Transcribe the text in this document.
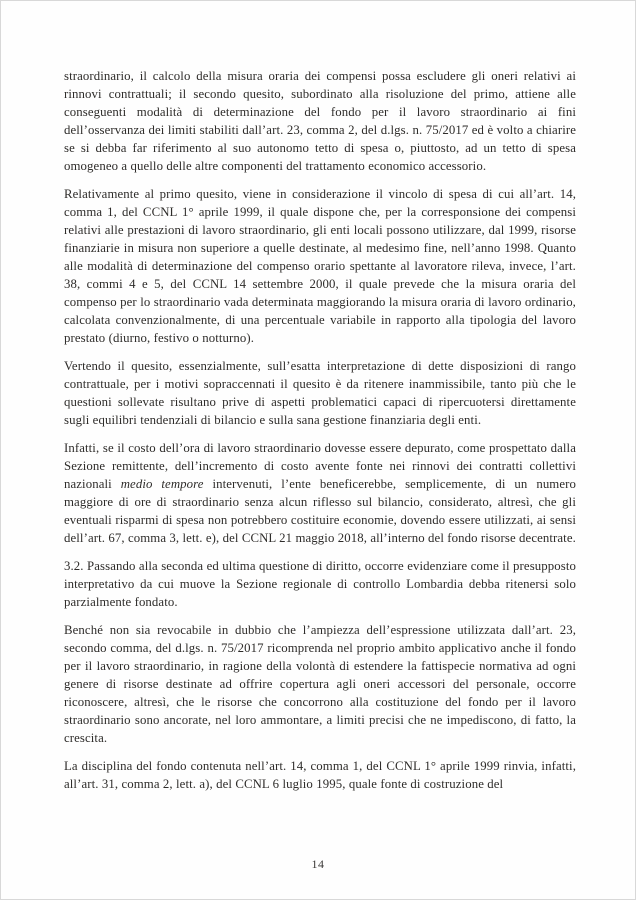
straordinario, il calcolo della misura oraria dei compensi possa escludere gli oneri relativi ai rinnovi contrattuali; il secondo quesito, subordinato alla risoluzione del primo, attiene alle conseguenti modalità di determinazione del fondo per il lavoro straordinario ai fini dell’osservanza dei limiti stabiliti dall’art. 23, comma 2, del d.lgs. n. 75/2017 ed è volto a chiarire se si debba far riferimento al suo autonomo tetto di spesa o, piuttosto, ad un tetto di spesa omogeneo a quello delle altre componenti del trattamento economico accessorio.

Relativamente al primo quesito, viene in considerazione il vincolo di spesa di cui all’art. 14, comma 1, del CCNL 1° aprile 1999, il quale dispone che, per la corresponsione dei compensi relativi alle prestazioni di lavoro straordinario, gli enti locali possono utilizzare, dal 1999, risorse finanziarie in misura non superiore a quelle destinate, al medesimo fine, nell’anno 1998. Quanto alle modalità di determinazione del compenso orario spettante al lavoratore rileva, invece, l’art. 38, commi 4 e 5, del CCNL 14 settembre 2000, il quale prevede che la misura oraria del compenso per lo straordinario vada determinata maggiorando la misura oraria di lavoro ordinario, calcolata convenzionalmente, di una percentuale variabile in rapporto alla tipologia del lavoro prestato (diurno, festivo o notturno).

Vertendo il quesito, essenzialmente, sull’esatta interpretazione di dette disposizioni di rango contrattuale, per i motivi sopraccennati il quesito è da ritenere inammissibile, tanto più che le questioni sollevate risultano prive di aspetti problematici capaci di ripercuotersi direttamente sugli equilibri tendenziali di bilancio e sulla sana gestione finanziaria degli enti.

Infatti, se il costo dell’ora di lavoro straordinario dovesse essere depurato, come prospettato dalla Sezione remittente, dell’incremento di costo avente fonte nei rinnovi dei contratti collettivi nazionali medio tempore intervenuti, l’ente beneficerebbe, semplicemente, di un numero maggiore di ore di straordinario senza alcun riflesso sul bilancio, considerato, altresì, che gli eventuali risparmi di spesa non potrebbero costituire economie, dovendo essere utilizzati, ai sensi dell’art. 67, comma 3, lett. e), del CCNL 21 maggio 2018, all’interno del fondo risorse decentrate.

3.2. Passando alla seconda ed ultima questione di diritto, occorre evidenziare come il presupposto interpretativo da cui muove la Sezione regionale di controllo Lombardia debba ritenersi solo parzialmente fondato.

Benché non sia revocabile in dubbio che l’ampiezza dell’espressione utilizzata dall’art. 23, secondo comma, del d.lgs. n. 75/2017 ricomprenda nel proprio ambito applicativo anche il fondo per il lavoro straordinario, in ragione della volontà di estendere la fattispecie normativa ad ogni genere di risorse destinate ad offrire copertura agli oneri accessori del personale, occorre riconoscere, altresì, che le risorse che concorrono alla costituzione del fondo per il lavoro straordinario sono ancorate, nel loro ammontare, a limiti precisi che ne impediscono, di fatto, la crescita.

La disciplina del fondo contenuta nell’art. 14, comma 1, del CCNL 1° aprile 1999 rinvia, infatti, all’art. 31, comma 2, lett. a), del CCNL 6 luglio 1995, quale fonte di costruzione del

14
